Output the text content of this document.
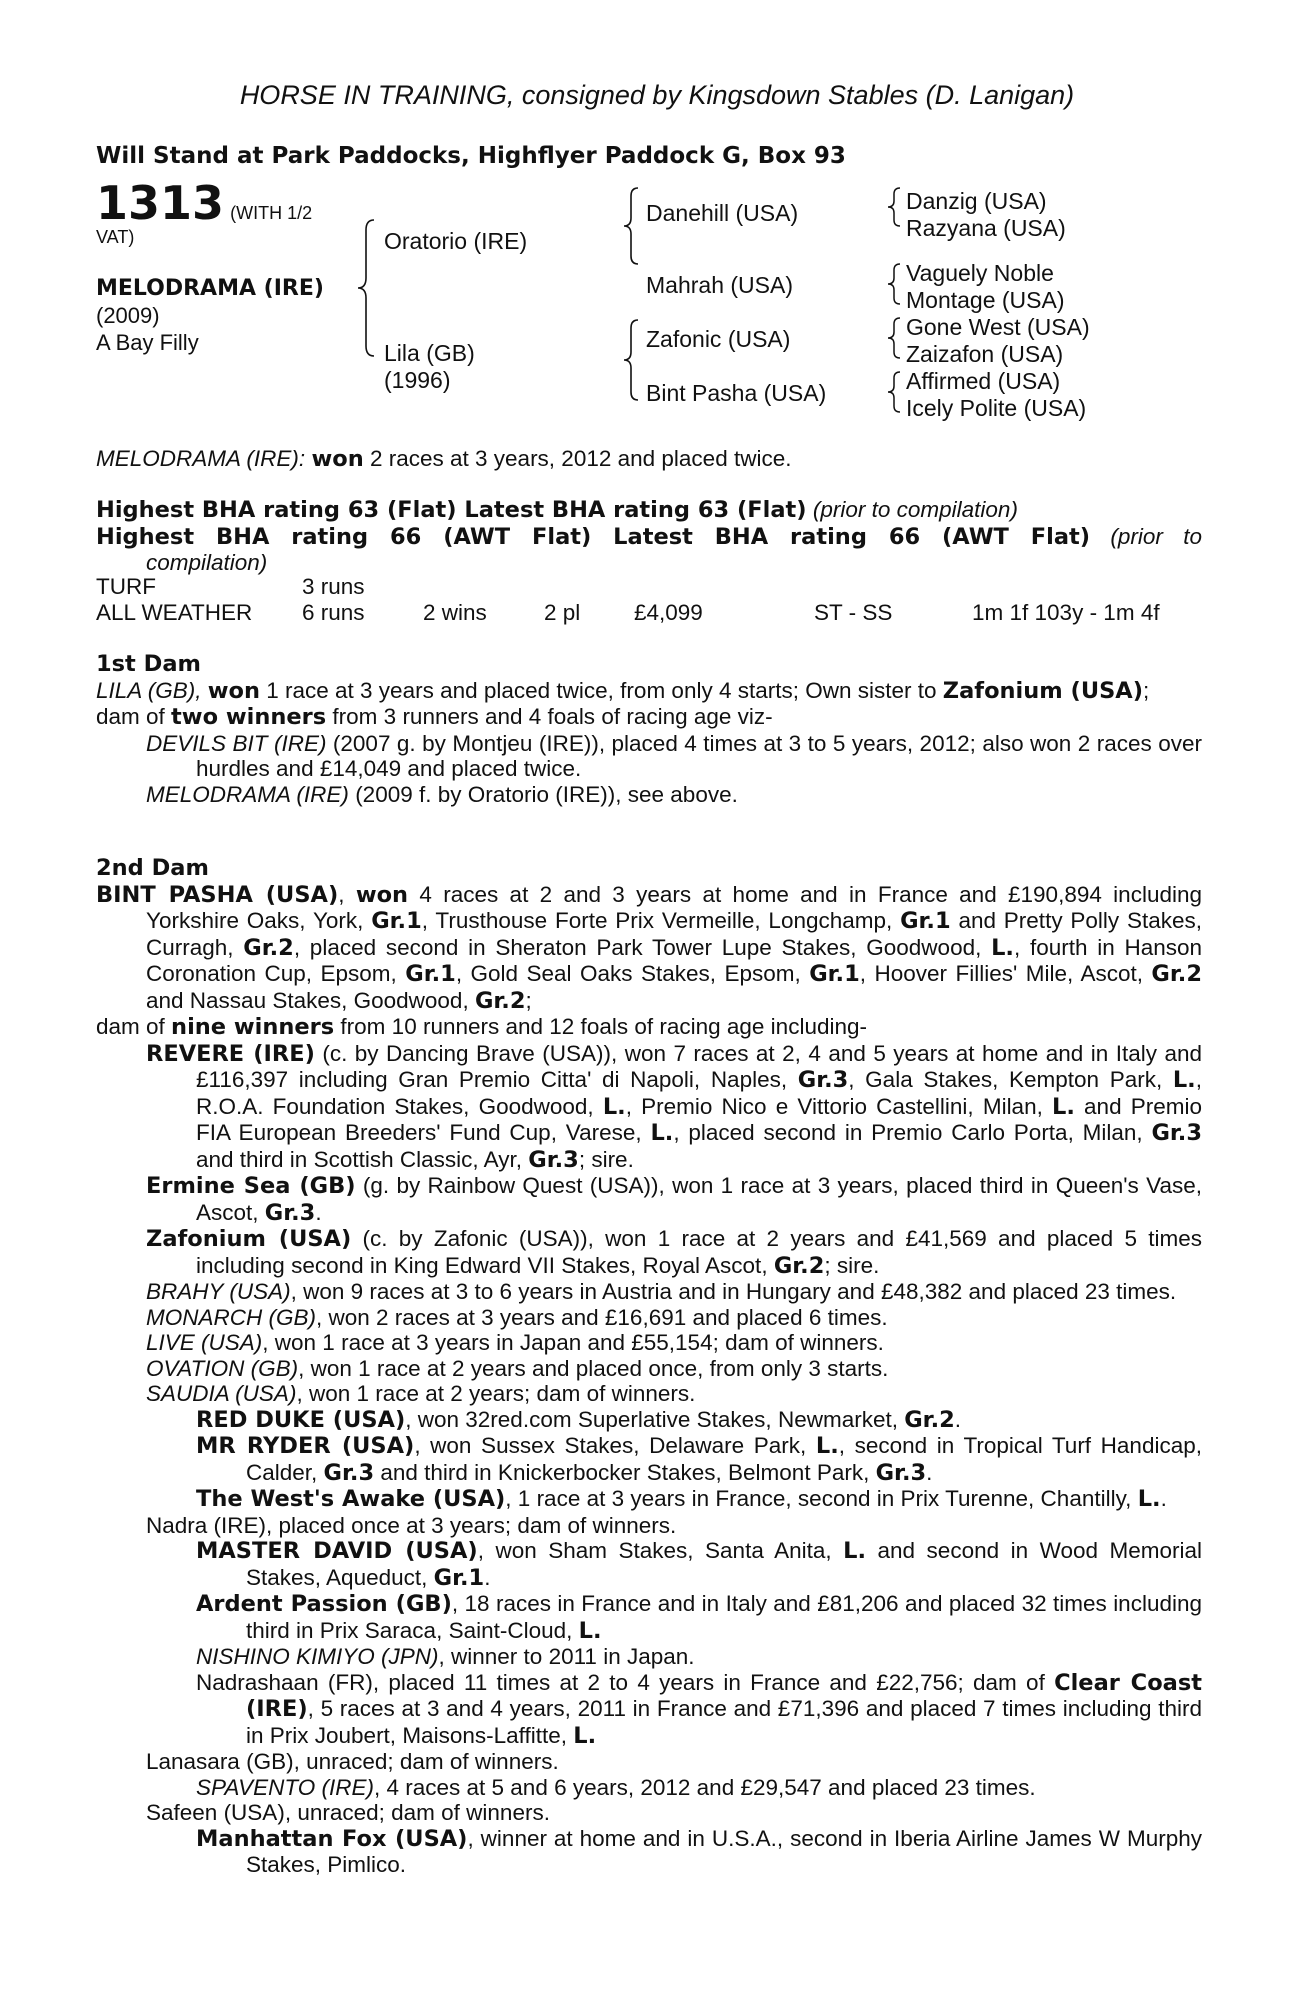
HORSE IN TRAINING, consigned by Kingsdown Stables (D. Lanigan)
Will Stand at Park Paddocks, Highflyer Paddock G, Box 93
1313 (WITH 1/2
VAT)
MELODRAMA (IRE)
(2009)
A Bay Filly
Oratorio (IRE)
Lila (GB)
(1996)
Danehill (USA)
Mahrah (USA)
Zafonic (USA)
Bint Pasha (USA)
Danzig (USA)
Razyana (USA)
Vaguely Noble
Montage (USA)
Gone West (USA)
Zaizafon (USA)
Affirmed (USA)
Icely Polite (USA)

MELODRAMA (IRE): won 2 races at 3 years, 2012 and placed twice.

Highest BHA rating 63 (Flat) Latest BHA rating 63 (Flat) (prior to compilation)

Highest BHA rating 66 (AWT Flat) Latest BHA rating 66 (AWT Flat) (prior to

compilation)

TURF	3 runs
ALL WEATHER 6 runs	2 wins	2 pl £4,099	ST - SS	1m 1f 103y - 1m 4f

1st Dam

LILA (GB), won 1 race at 3 years and placed twice, from only 4 starts; Own sister to Zafonium (USA);

dam of two winners from 3 runners and 4 foals of racing age viz-

DEVILS BIT (IRE) (2007 g. by Montjeu (IRE)), placed 4 times at 3 to 5 years, 2012; also won 2 races over hurdles and £14,049 and placed twice.

MELODRAMA (IRE) (2009 f. by Oratorio (IRE)), see above.

2nd Dam

BINT PASHA (USA), won 4 races at 2 and 3 years at home and in France and £190,894 including Yorkshire Oaks, York, Gr.1, Trusthouse Forte Prix Vermeille, Longchamp, Gr.1 and Pretty Polly Stakes, Curragh, Gr.2, placed second in Sheraton Park Tower Lupe Stakes, Goodwood, L., fourth in Hanson Coronation Cup, Epsom, Gr.1, Gold Seal Oaks Stakes, Epsom, Gr.1, Hoover Fillies' Mile, Ascot, Gr.2 and Nassau Stakes, Goodwood, Gr.2;

dam of nine winners from 10 runners and 12 foals of racing age including-

REVERE (IRE) (c. by Dancing Brave (USA)), won 7 races at 2, 4 and 5 years at home and in Italy and £116,397 including Gran Premio Citta' di Napoli, Naples, Gr.3, Gala Stakes, Kempton Park, L., R.O.A. Foundation Stakes, Goodwood, L., Premio Nico e Vittorio Castellini, Milan, L. and Premio FIA European Breeders' Fund Cup, Varese, L., placed second in Premio Carlo Porta, Milan, Gr.3 and third in Scottish Classic, Ayr, Gr.3; sire.

Ermine Sea (GB) (g. by Rainbow Quest (USA)), won 1 race at 3 years, placed third in Queen's Vase, Ascot, Gr.3.

Zafonium (USA) (c. by Zafonic (USA)), won 1 race at 2 years and £41,569 and placed 5 times including second in King Edward VII Stakes, Royal Ascot, Gr.2; sire.

BRAHY (USA), won 9 races at 3 to 6 years in Austria and in Hungary and £48,382 and placed 23 times.

MONARCH (GB), won 2 races at 3 years and £16,691 and placed 6 times.

LIVE (USA), won 1 race at 3 years in Japan and £55,154; dam of winners.

OVATION (GB), won 1 race at 2 years and placed once, from only 3 starts.

SAUDIA (USA), won 1 race at 2 years; dam of winners.

RED DUKE (USA), won 32red.com Superlative Stakes, Newmarket, Gr.2.

MR RYDER (USA), won Sussex Stakes, Delaware Park, L., second in Tropical Turf Handicap, Calder, Gr.3 and third in Knickerbocker Stakes, Belmont Park, Gr.3.

The West's Awake (USA), 1 race at 3 years in France, second in Prix Turenne, Chantilly, L..

Nadra (IRE), placed once at 3 years; dam of winners.

MASTER DAVID (USA), won Sham Stakes, Santa Anita, L. and second in Wood Memorial Stakes, Aqueduct, Gr.1.

Ardent Passion (GB), 18 races in France and in Italy and £81,206 and placed 32 times including third in Prix Saraca, Saint-Cloud, L.

NISHINO KIMIYO (JPN), winner to 2011 in Japan.

Nadrashaan (FR), placed 11 times at 2 to 4 years in France and £22,756; dam of Clear Coast (IRE), 5 races at 3 and 4 years, 2011 in France and £71,396 and placed 7 times including third in Prix Joubert, Maisons-Laffitte, L.

Lanasara (GB), unraced; dam of winners.

SPAVENTO (IRE), 4 races at 5 and 6 years, 2012 and £29,547 and placed 23 times.

Safeen (USA), unraced; dam of winners.

Manhattan Fox (USA), winner at home and in U.S.A., second in Iberia Airline James W Murphy Stakes, Pimlico.
